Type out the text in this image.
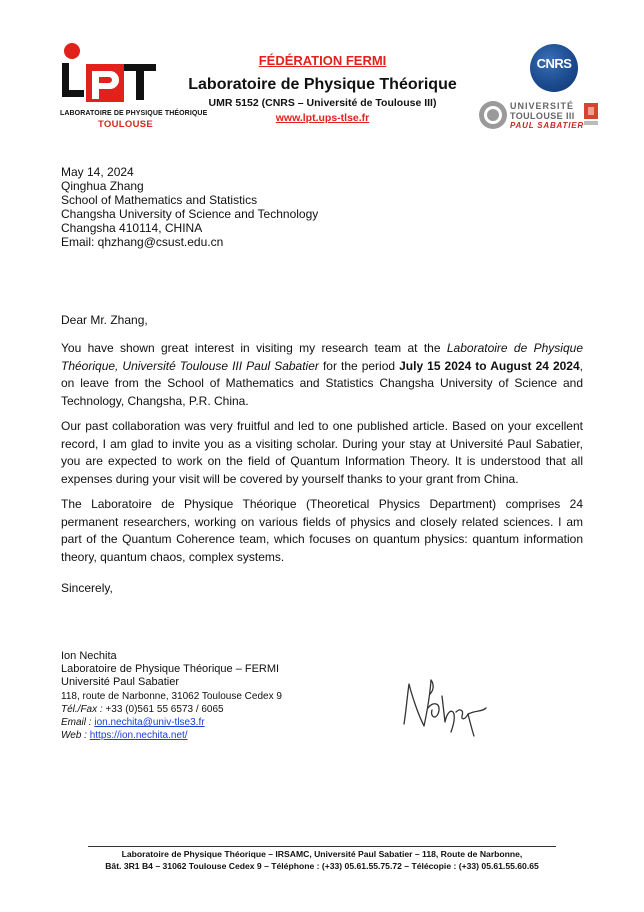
LABORATOIRE DE PHYSIQUE THÉORIQUE
TOULOUSE
FÉDÉRATION FERMI
Laboratoire de Physique Théorique
UMR 5152 (CNRS – Université de Toulouse III)
www.lpt.ups-tlse.fr
CNRS
UNIVERSITÉ
TOULOUSE III
PAUL SABATIER
May 14, 2024
Qinghua Zhang
School of Mathematics and Statistics
Changsha University of Science and Technology
Changsha 410114, CHINA
Email: qhzhang@csust.edu.cn
Dear Mr. Zhang,
You have shown great interest in visiting my research team at the Laboratoire de Physique Théorique, Université Toulouse III Paul Sabatier for the period July 15 2024 to August 24 2024, on leave from the School of Mathematics and Statistics Changsha University of Science and Technology, Changsha, P.R. China.
Our past collaboration was very fruitful and led to one published article. Based on your excellent record, I am glad to invite you as a visiting scholar. During your stay at Université Paul Sabatier, you are expected to work on the field of Quantum Information Theory. It is understood that all expenses during your visit will be covered by yourself thanks to your grant from China.
The Laboratoire de Physique Théorique (Theoretical Physics Department) comprises 24 permanent researchers, working on various fields of physics and closely related sciences. I am part of the Quantum Coherence team, which focuses on quantum physics: quantum information theory, quantum chaos, complex systems.
Sincerely,
Ion Nechita
Laboratoire de Physique Théorique – FERMI
Université Paul Sabatier
118, route de Narbonne, 31062 Toulouse Cedex 9
Tél./Fax : +33 (0)561 55 6573 / 6065
Email : ion.nechita@univ-tlse3.fr
Web : https://ion.nechita.net/
Laboratoire de Physique Théorique – IRSAMC, Université Paul Sabatier – 118, Route de Narbonne,
Bât. 3R1 B4 – 31062 Toulouse Cedex 9 – Téléphone : (+33) 05.61.55.75.72 – Télécopie : (+33) 05.61.55.60.65
